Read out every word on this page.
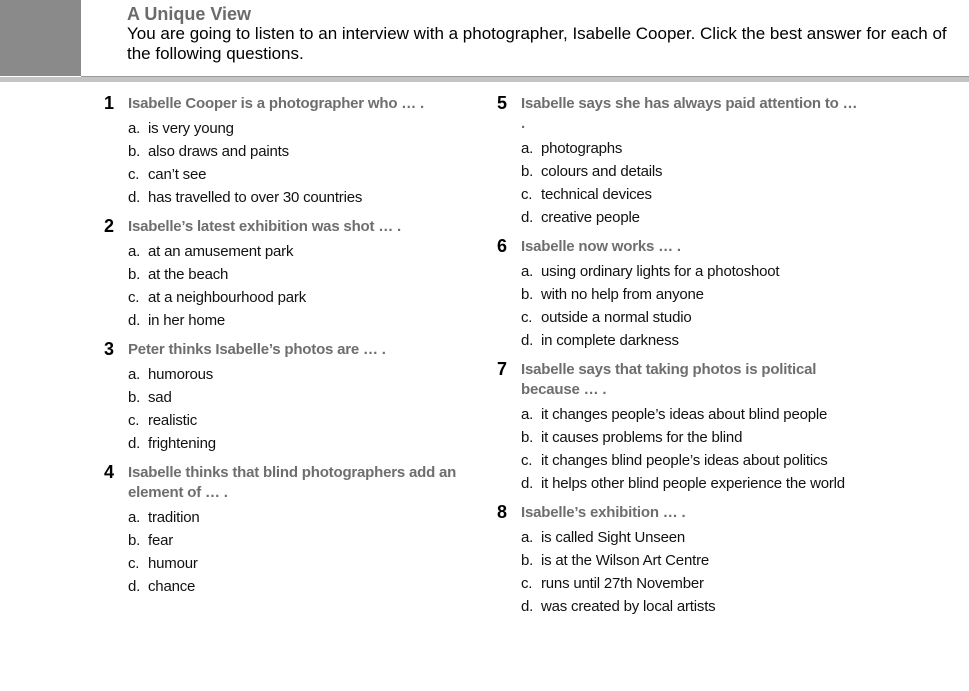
A Unique View
You are going to listen to an interview with a photographer, Isabelle Cooper. Click the best answer for each of the following questions.
1 Isabelle Cooper is a photographer who … .
a. is very young
b. also draws and paints
c. can’t see
d. has travelled to over 30 countries
2 Isabelle’s latest exhibition was shot … .
a. at an amusement park
b. at the beach
c. at a neighbourhood park
d. in her home
3 Peter thinks Isabelle’s photos are … .
a. humorous
b. sad
c. realistic
d. frightening
4 Isabelle thinks that blind photographers add an element of … .
a. tradition
b. fear
c. humour
d. chance
5 Isabelle says she has always paid attention to … .
a. photographs
b. colours and details
c. technical devices
d. creative people
6 Isabelle now works … .
a. using ordinary lights for a photoshoot
b. with no help from anyone
c. outside a normal studio
d. in complete darkness
7 Isabelle says that taking photos is political because … .
a. it changes people’s ideas about blind people
b. it causes problems for the blind
c. it changes blind people’s ideas about politics
d. it helps other blind people experience the world
8 Isabelle’s exhibition … .
a. is called Sight Unseen
b. is at the Wilson Art Centre
c. runs until 27th November
d. was created by local artists
